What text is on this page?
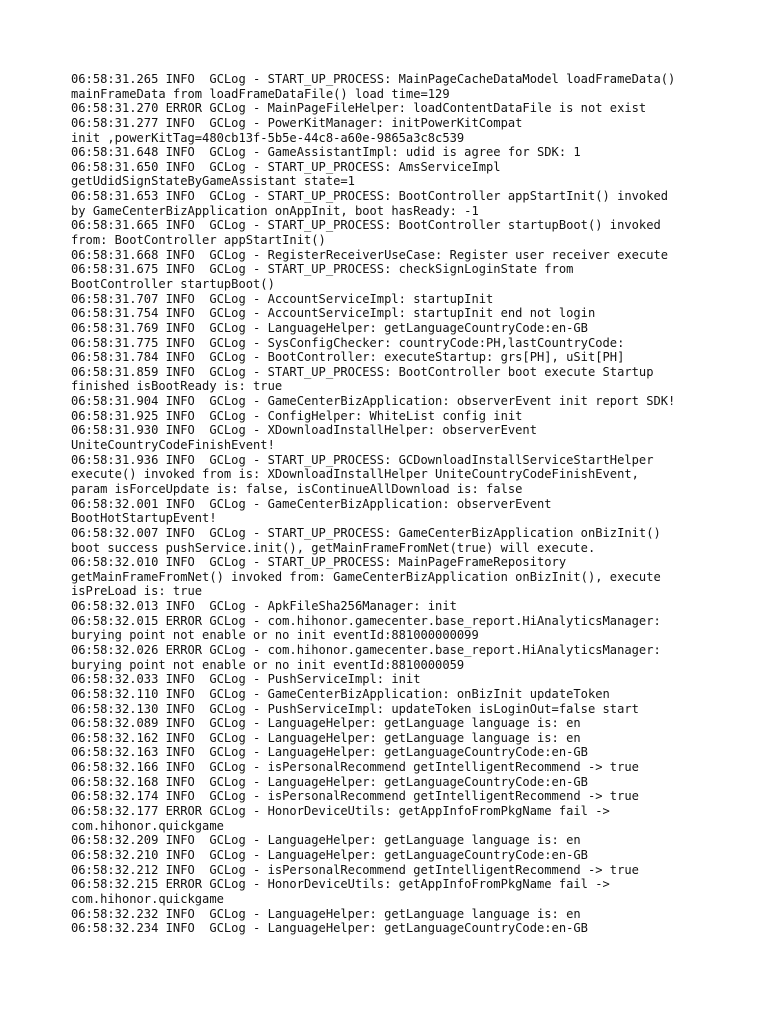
06:58:31.265 INFO  GCLog - START_UP_PROCESS: MainPageCacheDataModel loadFrameData()
mainFrameData from loadFrameDataFile() load time=129
06:58:31.270 ERROR GCLog - MainPageFileHelper: loadContentDataFile is not exist
06:58:31.277 INFO  GCLog - PowerKitManager: initPowerKitCompat
init ,powerKitTag=480cb13f-5b5e-44c8-a60e-9865a3c8c539
06:58:31.648 INFO  GCLog - GameAssistantImpl: udid is agree for SDK: 1
06:58:31.650 INFO  GCLog - START_UP_PROCESS: AmsServiceImpl
getUdidSignStateByGameAssistant state=1
06:58:31.653 INFO  GCLog - START_UP_PROCESS: BootController appStartInit() invoked
by GameCenterBizApplication onAppInit, boot hasReady: -1
06:58:31.665 INFO  GCLog - START_UP_PROCESS: BootController startupBoot() invoked
from: BootController appStartInit()
06:58:31.668 INFO  GCLog - RegisterReceiverUseCase: Register user receiver execute
06:58:31.675 INFO  GCLog - START_UP_PROCESS: checkSignLoginState from
BootController startupBoot()
06:58:31.707 INFO  GCLog - AccountServiceImpl: startupInit
06:58:31.754 INFO  GCLog - AccountServiceImpl: startupInit end not login
06:58:31.769 INFO  GCLog - LanguageHelper: getLanguageCountryCode:en-GB
06:58:31.775 INFO  GCLog - SysConfigChecker: countryCode:PH,lastCountryCode:
06:58:31.784 INFO  GCLog - BootController: executeStartup: grs[PH], uSit[PH]
06:58:31.859 INFO  GCLog - START_UP_PROCESS: BootController boot execute Startup
finished isBootReady is: true
06:58:31.904 INFO  GCLog - GameCenterBizApplication: observerEvent init report SDK!
06:58:31.925 INFO  GCLog - ConfigHelper: WhiteList config init
06:58:31.930 INFO  GCLog - XDownloadInstallHelper: observerEvent
UniteCountryCodeFinishEvent!
06:58:31.936 INFO  GCLog - START_UP_PROCESS: GCDownloadInstallServiceStartHelper
execute() invoked from is: XDownloadInstallHelper UniteCountryCodeFinishEvent,
param isForceUpdate is: false, isContinueAllDownload is: false
06:58:32.001 INFO  GCLog - GameCenterBizApplication: observerEvent
BootHotStartupEvent!
06:58:32.007 INFO  GCLog - START_UP_PROCESS: GameCenterBizApplication onBizInit()
boot success pushService.init(), getMainFrameFromNet(true) will execute.
06:58:32.010 INFO  GCLog - START_UP_PROCESS: MainPageFrameRepository
getMainFrameFromNet() invoked from: GameCenterBizApplication onBizInit(), execute
isPreLoad is: true
06:58:32.013 INFO  GCLog - ApkFileSha256Manager: init
06:58:32.015 ERROR GCLog - com.hihonor.gamecenter.base_report.HiAnalyticsManager:
burying point not enable or no init eventId:881000000099
06:58:32.026 ERROR GCLog - com.hihonor.gamecenter.base_report.HiAnalyticsManager:
burying point not enable or no init eventId:8810000059
06:58:32.033 INFO  GCLog - PushServiceImpl: init
06:58:32.110 INFO  GCLog - GameCenterBizApplication: onBizInit updateToken
06:58:32.130 INFO  GCLog - PushServiceImpl: updateToken isLoginOut=false start
06:58:32.089 INFO  GCLog - LanguageHelper: getLanguage language is: en
06:58:32.162 INFO  GCLog - LanguageHelper: getLanguage language is: en
06:58:32.163 INFO  GCLog - LanguageHelper: getLanguageCountryCode:en-GB
06:58:32.166 INFO  GCLog - isPersonalRecommend getIntelligentRecommend -> true
06:58:32.168 INFO  GCLog - LanguageHelper: getLanguageCountryCode:en-GB
06:58:32.174 INFO  GCLog - isPersonalRecommend getIntelligentRecommend -> true
06:58:32.177 ERROR GCLog - HonorDeviceUtils: getAppInfoFromPkgName fail ->
com.hihonor.quickgame
06:58:32.209 INFO  GCLog - LanguageHelper: getLanguage language is: en
06:58:32.210 INFO  GCLog - LanguageHelper: getLanguageCountryCode:en-GB
06:58:32.212 INFO  GCLog - isPersonalRecommend getIntelligentRecommend -> true
06:58:32.215 ERROR GCLog - HonorDeviceUtils: getAppInfoFromPkgName fail ->
com.hihonor.quickgame
06:58:32.232 INFO  GCLog - LanguageHelper: getLanguage language is: en
06:58:32.234 INFO  GCLog - LanguageHelper: getLanguageCountryCode:en-GB
